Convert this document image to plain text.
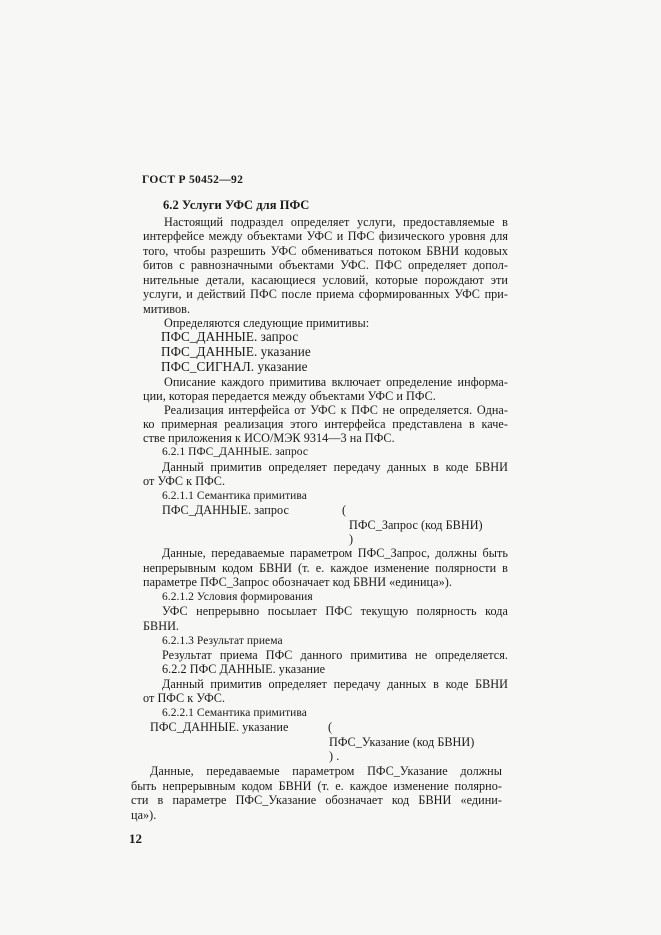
ГОСТ Р 50452—92
6.2 Услуги УФС для ПФС
Настоящий подраздел определяет услуги, предоставляемые в
интерфейсе между объектами УФС и ПФС физического уровня для
того, чтобы разрешить УФС обмениваться потоком БВНИ кодовых
битов с равнозначными объектами УФС. ПФС определяет допол-
нительные детали, касающиеся условий, которые порождают эти
услуги, и действий ПФС после приема сформированных УФС при-
митивов.
Определяются следующие примитивы:
ПФС_ДАННЫЕ. запрос
ПФС_ДАННЫЕ. указание
ПФС_СИГНАЛ. указание
Описание каждого примитива включает определение информа-
ции, которая передается между объектами УФС и ПФС.
Реализация интерфейса от УФС к ПФС не определяется. Одна-
ко примерная реализация этого интерфейса представлена в каче-
стве приложения к ИСО/МЭК 9314—3 на ПФС.
6.2.1 ПФС_ДАННЫЕ. запрос
Данный примитив определяет передачу данных в коде БВНИ
от УФС к ПФС.
6.2.1.1 Семантика примитива
ПФС_ДАННЫЕ. запрос	(
ПФС_Запрос (код БВНИ)
)
Данные, передаваемые параметром ПФС_Запрос, должны быть
непрерывным кодом БВНИ (т. е. каждое изменение полярности в
параметре ПФС_Запрос обозначает код БВНИ «единица»).
6.2.1.2 Условия формирования
УФС непрерывно посылает ПФС текущую полярность кода
БВНИ.
6.2.1.3 Результат приема
Результат приема ПФС данного примитива не определяется.
6.2.2 ПФС ДАННЫЕ. указание
Данный примитив определяет передачу данных в коде БВНИ
от ПФС к УФС.
6.2.2.1 Семантика примитива
ПФС_ДАННЫЕ. указание	(
ПФС_Указание (код БВНИ)
) .
Данные, передаваемые параметром ПФС_Указание должны
быть непрерывным кодом БВНИ (т. е. каждое изменение полярно-
сти в параметре ПФС_Указание обозначает код БВНИ «едини-
ца»).
12
